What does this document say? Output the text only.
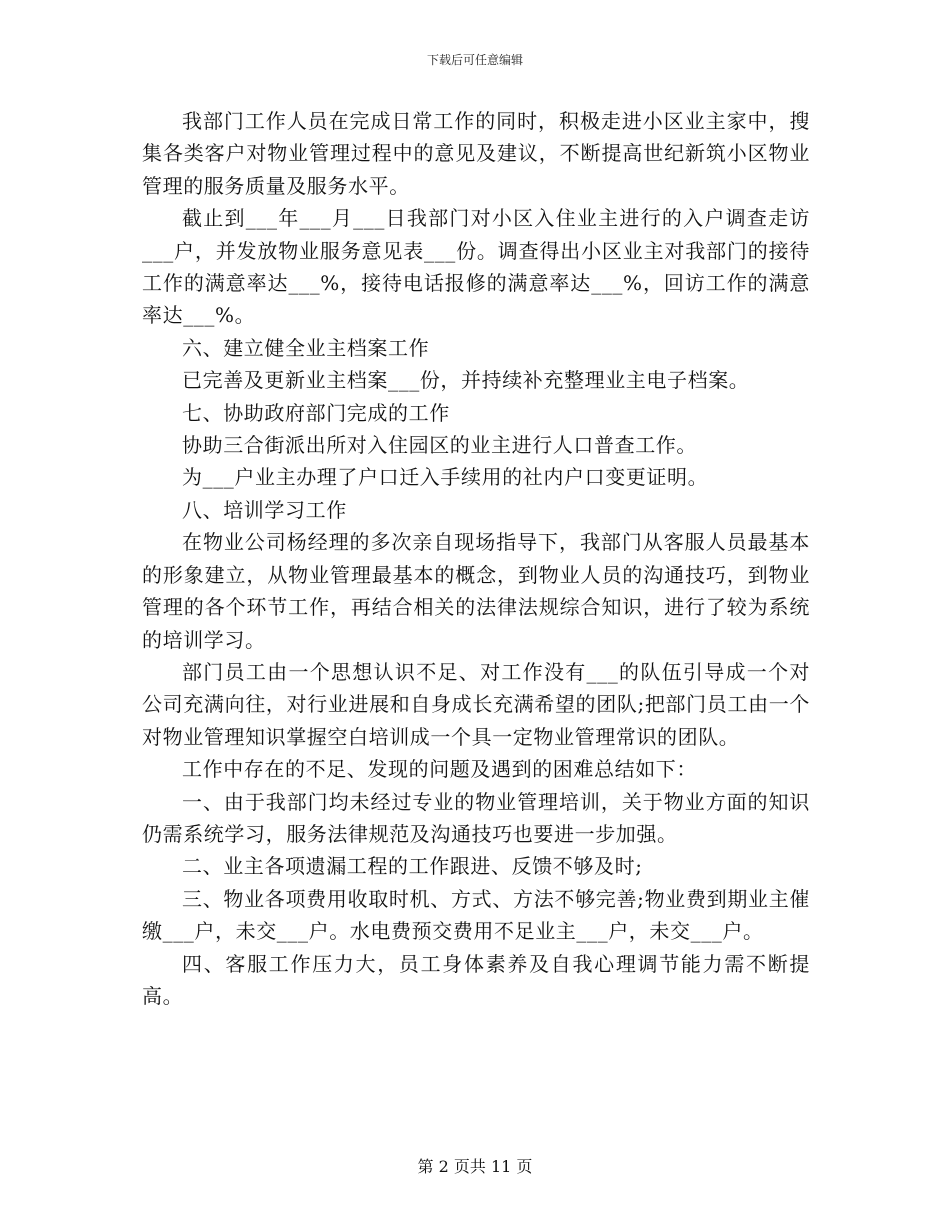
下载后可任意编辑

我部门工作人员在完成日常工作的同时，积极走进小区业主家中，搜集各类客户对物业管理过程中的意见及建议，不断提高世纪新筑小区物业管理的服务质量及服务水平。

截止到___年___月___日我部门对小区入住业主进行的入户调查走访___户，并发放物业服务意见表___份。调查得出小区业主对我部门的接待工作的满意率达___%，接待电话报修的满意率达___%，回访工作的满意率达___%。

六、建立健全业主档案工作

已完善及更新业主档案___份，并持续补充整理业主电子档案。

七、协助政府部门完成的工作

协助三合街派出所对入住园区的业主进行人口普查工作。

为___户业主办理了户口迁入手续用的社内户口变更证明。

八、培训学习工作

在物业公司杨经理的多次亲自现场指导下，我部门从客服人员最基本的形象建立，从物业管理最基本的概念，到物业人员的沟通技巧，到物业管理的各个环节工作，再结合相关的法律法规综合知识，进行了较为系统的培训学习。

部门员工由一个思想认识不足、对工作没有___的队伍引导成一个对公司充满向往，对行业进展和自身成长充满希望的团队;把部门员工由一个对物业管理知识掌握空白培训成一个具一定物业管理常识的团队。

工作中存在的不足、发现的问题及遇到的困难总结如下：

一、由于我部门均未经过专业的物业管理培训，关于物业方面的知识仍需系统学习，服务法律规范及沟通技巧也要进一步加强。

二、业主各项遗漏工程的工作跟进、反馈不够及时;

三、物业各项费用收取时机、方式、方法不够完善;物业费到期业主催缴___户，未交___户。水电费预交费用不足业主___户，未交___户。

四、客服工作压力大，员工身体素养及自我心理调节能力需不断提高。

第 2 页共 11 页
